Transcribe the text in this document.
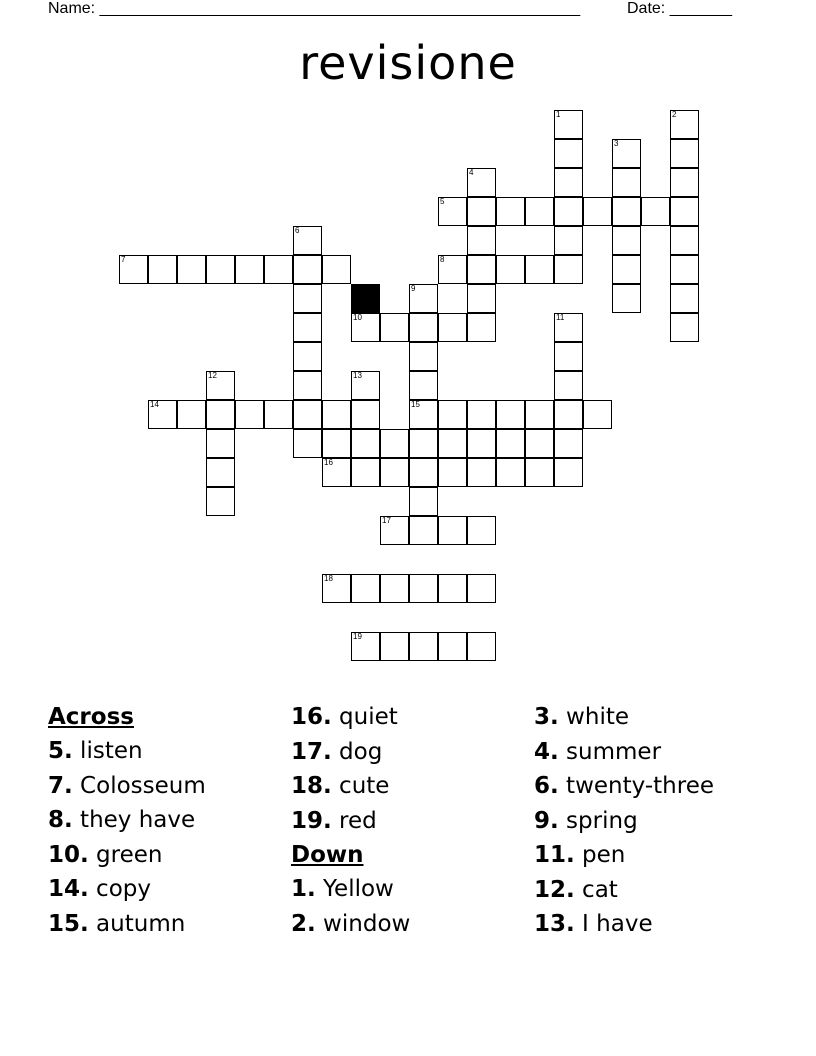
Name: ______________________________________________________	Date: _______
revisione
1	2
3
4
5
6
7	8
9
15
10	11
12	13
14
16
17
18
19
Across
5. listen
7. Colosseum
8. they have
10. green
14. copy
15. autumn
16. quiet
17. dog
18. cute
19. red
Down
1. Yellow
2. window
3. white
4. summer
6. twenty-three
9. spring
11. pen
12. cat
13. I have
